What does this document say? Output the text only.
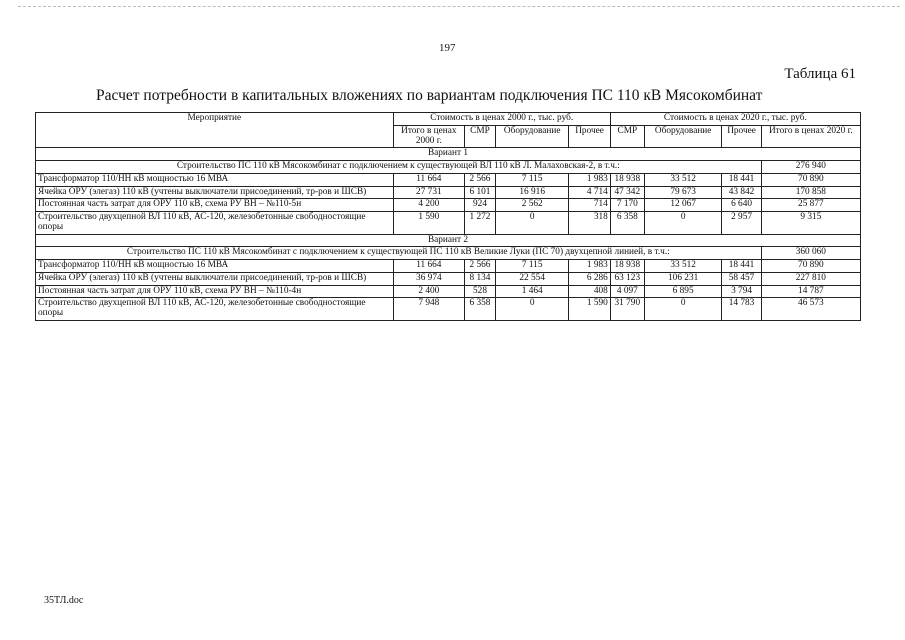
197
Таблица 61
Расчет потребности в капитальных вложениях по вариантам подключения ПС 110 кВ Мясокомбинат
Мероприятие	Стоимость в ценах 2000 г., тыс. руб.				Стоимость в ценах 2020 г., тыс. руб.			
	Итого в ценах 2000 г.	СМР	Оборудование	Прочее	СМР	Оборудование	Прочее	Итого в ценах 2020 г.
Вариант 1								
Строительство ПС 110 кВ Мясокомбинат с подключением к существующей ВЛ 110 кВ Л. Малаховская-2, в т.ч.:								276 940
Трансформатор 110/НН кВ мощностью 16 МВА	11 664	2 566	7 115	1 983	18 938	33 512	18 441	70 890
Ячейка ОРУ (элегаз) 110 кВ (учтены выключатели присоединений, тр-ров и ШСВ)	27 731	6 101	16 916	4 714	47 342	79 673	43 842	170 858
Постоянная часть затрат для ОРУ 110 кВ, схема РУ ВН – №110-5н	4 200	924	2 562	714	7 170	12 067	6 640	25 877
Строительство двухцепной ВЛ 110 кВ, АС-120, железобетонные свободностоящие опоры	1 590	1 272	0	318	6 358	0	2 957	9 315
Вариант 2								
Строительство ПС 110 кВ Мясокомбинат с подключением к существующей ПС 110 кВ Великие Луки (ПС 70) двухцепной линией, в т.ч.:								360 060
Трансформатор 110/НН кВ мощностью 16 МВА	11 664	2 566	7 115	1 983	18 938	33 512	18 441	70 890
Ячейка ОРУ (элегаз) 110 кВ (учтены выключатели присоединений, тр-ров и ШСВ)	36 974	8 134	22 554	6 286	63 123	106 231	58 457	227 810
Постоянная часть затрат для ОРУ 110 кВ, схема РУ ВН – №110-4н	2 400	528	1 464	408	4 097	6 895	3 794	14 787
Строительство двухцепной ВЛ 110 кВ, АС-120, железобетонные свободностоящие опоры	7 948	6 358	0	1 590	31 790	0	14 783	46 573
35ТЛ.doc
